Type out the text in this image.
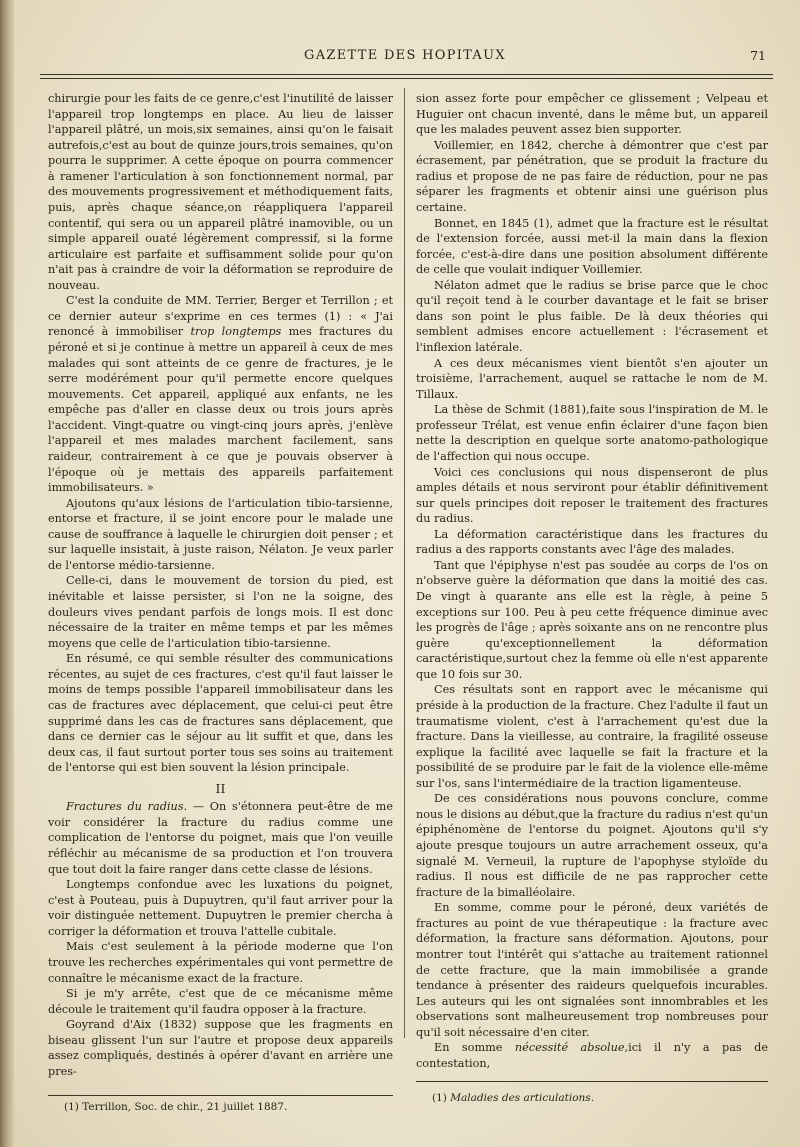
GAZETTE DES HOPITAUX	71

chirurgie pour les faits de ce genre,c'est l'inutilité de laisser l'appareil trop longtemps en place. Au lieu de laisser l'appareil plâtré, un mois,six semaines, ainsi qu'on le faisait autrefois,c'est au bout de quinze jours,trois semaines, qu'on pourra le supprimer. A cette époque on pourra commencer à ramener l'articulation à son fonctionnement normal, par des mouvements progressivement et méthodiquement faits, puis, après chaque séance,on réappliquera l'appareil contentif, qui sera ou un appareil plâtré inamovible, ou un simple appareil ouaté légèrement compressif, si la forme articulaire est parfaite et suffisamment solide pour qu'on n'ait pas à craindre de voir la déformation se reproduire de nouveau.

C'est la conduite de MM. Terrier, Berger et Terrillon ; et ce dernier auteur s'exprime en ces termes (1) : « J'ai renoncé à immobiliser trop longtemps mes fractures du péroné et si je continue à mettre un appareil à ceux de mes malades qui sont atteints de ce genre de fractures, je le serre modérément pour qu'il permette encore quelques mouvements. Cet appareil, appliqué aux enfants, ne les empêche pas d'aller en classe deux ou trois jours après l'accident. Vingt-quatre ou vingt-cinq jours après, j'enlève l'appareil et mes malades marchent facilement, sans raideur, contrairement à ce que je pouvais observer à l'époque où je mettais des appareils parfaitement immobilisateurs. »

Ajoutons qu'aux lésions de l'articulation tibio-tarsienne, entorse et fracture, il se joint encore pour le malade une cause de souffrance à laquelle le chirurgien doit penser ; et sur laquelle insistait, à juste raison, Nélaton. Je veux parler de l'entorse médio-tarsienne.

Celle-ci, dans le mouvement de torsion du pied, est inévitable et laisse persister, si l'on ne la soigne, des douleurs vives pendant parfois de longs mois. Il est donc nécessaire de la traiter en même temps et par les mêmes moyens que celle de l'articulation tibio-tarsienne.

En résumé, ce qui semble résulter des communications récentes, au sujet de ces fractures, c'est qu'il faut laisser le moins de temps possible l'appareil immobilisateur dans les cas de fractures avec déplacement, que celui-ci peut être supprimé dans les cas de fractures sans déplacement, que dans ce dernier cas le séjour au lit suffit et que, dans les deux cas, il faut surtout porter tous ses soins au traitement de l'entorse qui est bien souvent la lésion principale.

II

Fractures du radius. — On s'étonnera peut-être de me voir considérer la fracture du radius comme une complication de l'entorse du poignet, mais que l'on veuille réfléchir au mécanisme de sa production et l'on trouvera que tout doit la faire ranger dans cette classe de lésions.

Longtemps confondue avec les luxations du poignet, c'est à Pouteau, puis à Dupuytren, qu'il faut arriver pour la voir distinguée nettement. Dupuytren le premier chercha à corriger la déformation et trouva l'attelle cubitale.

Mais c'est seulement à la période moderne que l'on trouve les recherches expérimentales qui vont permettre de connaître le mécanisme exact de la fracture.

Si je m'y arrête, c'est que de ce mécanisme même découle le traitement qu'il faudra opposer à la fracture.

Goyrand d'Aix (1832) suppose que les fragments en biseau glissent l'un sur l'autre et propose deux appareils assez compliqués, destinés à opérer d'avant en arrière une pres-

sion assez forte pour empêcher ce glissement ; Velpeau et Huguier ont chacun inventé, dans le même but, un appareil que les malades peuvent assez bien supporter.

Voillemier, en 1842, cherche à démontrer que c'est par écrasement, par pénétration, que se produit la fracture du radius et propose de ne pas faire de réduction, pour ne pas séparer les fragments et obtenir ainsi une guérison plus certaine.

Bonnet, en 1845 (1), admet que la fracture est le résultat de l'extension forcée, aussi met-il la main dans la flexion forcée, c'est-à-dire dans une position absolument différente de celle que voulait indiquer Voillemier.

Nélaton admet que le radius se brise parce que le choc qu'il reçoit tend à le courber davantage et le fait se briser dans son point le plus faible. De là deux théories qui semblent admises encore actuellement : l'écrasement et l'inflexion latérale.

A ces deux mécanismes vient bientôt s'en ajouter un troisième, l'arrachement, auquel se rattache le nom de M. Tillaux.

La thèse de Schmit (1881),faite sous l'inspiration de M. le professeur Trélat, est venue enfin éclairer d'une façon bien nette la description en quelque sorte anatomo-pathologique de l'affection qui nous occupe.

Voici ces conclusions qui nous dispenseront de plus amples détails et nous serviront pour établir définitivement sur quels principes doit reposer le traitement des fractures du radius.

La déformation caractéristique dans les fractures du radius a des rapports constants avec l'âge des malades.

Tant que l'épiphyse n'est pas soudée au corps de l'os on n'observe guère la déformation que dans la moitié des cas. De vingt à quarante ans elle est la règle, à peine 5 exceptions sur 100. Peu à peu cette fréquence diminue avec les progrès de l'âge ; après soixante ans on ne rencontre plus guère qu'exceptionnellement la déformation caractéristique,surtout chez la femme où elle n'est apparente que 10 fois sur 30.

Ces résultats sont en rapport avec le mécanisme qui préside à la production de la fracture. Chez l'adulte il faut un traumatisme violent, c'est à l'arrachement qu'est due la fracture. Dans la vieillesse, au contraire, la fragilité osseuse explique la facilité avec laquelle se fait la fracture et la possibilité de se produire par le fait de la violence elle-même sur l'os, sans l'intermédiaire de la traction ligamenteuse.

De ces considérations nous pouvons conclure, comme nous le disions au début,que la fracture du radius n'est qu'un épiphénomène de l'entorse du poignet. Ajoutons qu'il s'y ajoute presque toujours un autre arrachement osseux, qu'a signalé M. Verneuil, la rupture de l'apophyse styloïde du radius. Il nous est difficile de ne pas rapprocher cette fracture de la bimalléolaire.

En somme, comme pour le péroné, deux variétés de fractures au point de vue thérapeutique : la fracture avec déformation, la fracture sans déformation. Ajoutons, pour montrer tout l'intérêt qui s'attache au traitement rationnel de cette fracture, que la main immobilisée a grande tendance à présenter des raideurs quelquefois incurables. Les auteurs qui les ont signalées sont innombrables et les observations sont malheureusement trop nombreuses pour qu'il soit nécessaire d'en citer.

En somme nécessité absolue,ici il n'y a pas de contestation,

(1) Terrillon, Soc. de chir., 21 juillet 1887.
(1) Maladies des articulations.
